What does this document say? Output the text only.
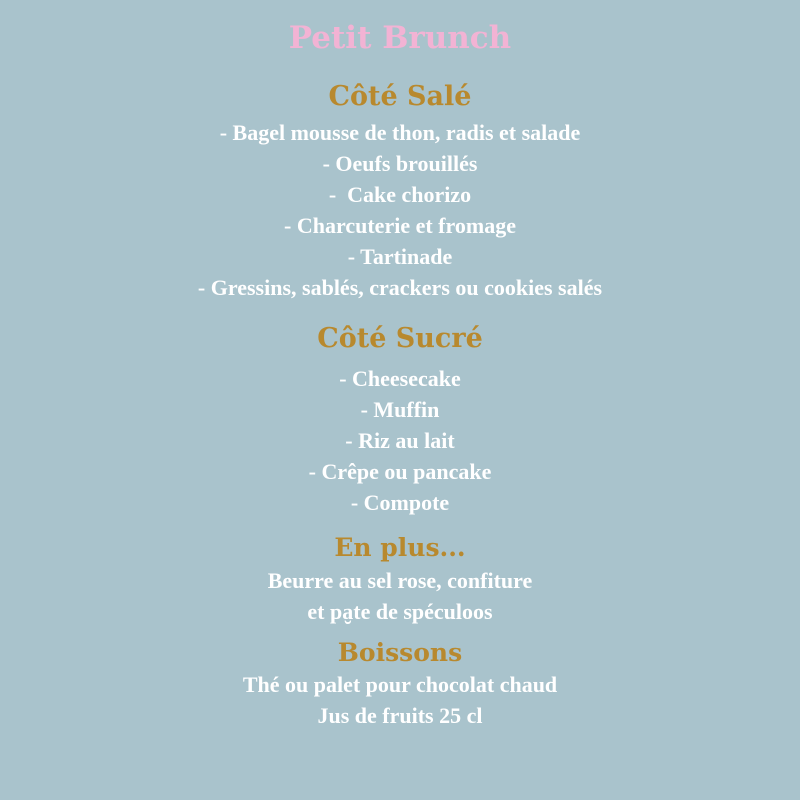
Petit Brunch
Côté Salé
- Bagel mousse de thon, radis et salade
- Oeufs brouillés
-  Cake chorizo
- Charcuterie et fromage
- Tartinade
- Gressins, sablés, crackers ou cookies salés
Côté Sucré
- Cheesecake
- Muffin
- Riz au lait
- Crêpe ou pancake
- Compote
En plus...
Beurre au sel rose, confiture
et pa̮te de spéculoos
Boissons
Thé ou palet pour chocolat chaud
Jus de fruits 25 cl
